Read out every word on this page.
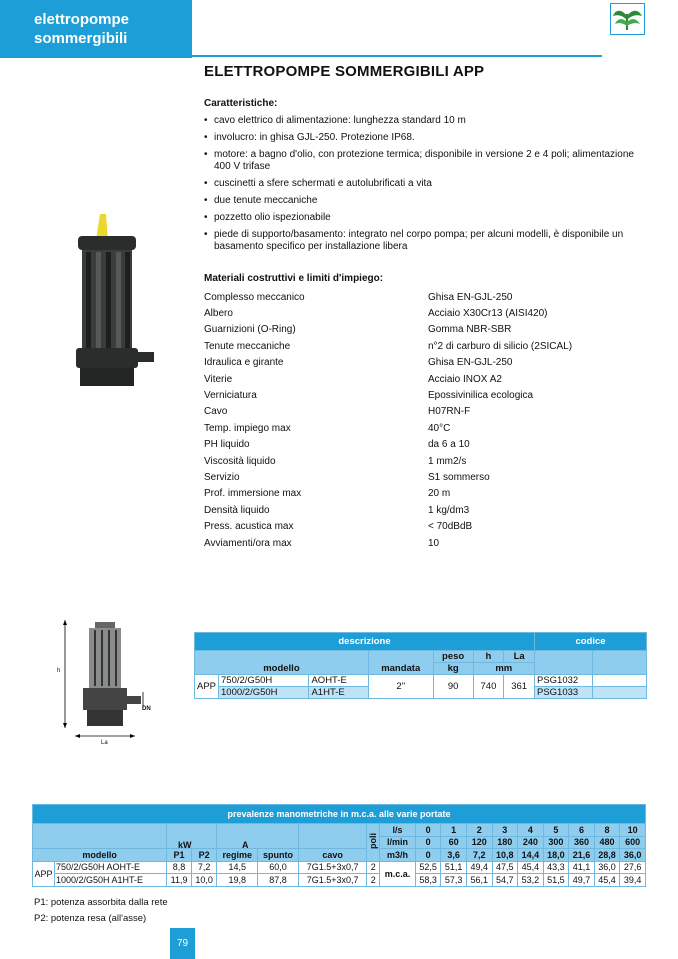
elettropompe
sommergibili
ELETTROPOMPE SOMMERGIBILI APP
Caratteristiche:
• cavo elettrico di alimentazione: lunghezza standard 10 m
• involucro: in ghisa GJL-250. Protezione IP68.
• motore: a bagno d'olio, con protezione termica; disponibile in versione 2 e 4 poli; alimentazione 400 V trifase
• cuscinetti a sfere schermati e autolubrificati a vita
• due tenute meccaniche
• pozzetto olio ispezionabile
• piede di supporto/basamento: integrato nel corpo pompa; per alcuni modelli, è disponibile un basamento specifico per installazione libera
Materiali costruttivi e limiti d'impiego:
Complesso meccanico	Ghisa EN-GJL-250
Albero	Acciaio X30Cr13 (AISI420)
Guarnizioni (O-Ring)	Gomma NBR-SBR
Tenute meccaniche	n°2 di carburo di silicio (2SICAL)
Idraulica e girante	Ghisa EN-GJL-250
Viterie	Acciaio INOX A2
Verniciatura	Epossivinilica ecologica
Cavo	H07RN-F
Temp. impiego max	40°C
PH liquido	da 6 a 10
Viscosità liquido	1 mm2/s
Servizio	S1 sommerso
Prof. immersione max	20 m
Densità liquido	1 kg/dm3
Press. acustica max	< 70dBdB
Avviamenti/ora max	10
h
DN
La
descrizione							codice	
modello			mandata	peso	h	La		
				kg	mm			
APP	750/2/G50H	AOHT-E	2"	90	740	361	PSG1032	
	1000/2/G50H	A1HT-E					PSG1033	
prevalenze manometriche in m.c.a. alle varie portate																	
							poli	l/s	0	1	2	3	4	5	6	8	10
								l/min	0	60	120	180	240	300	360	480	600
modello		P1	P2	regime	spunto	cavo		m3/h	0	3,6	7,2	10,8	14,4	18,0	21,6	28,8	36,0
APP	750/2/G50H AOHT-E	8,8	7,2	14,5	60,0	7G1.5+3x0,7	2	m.c.a.	52,5	51,1	49,4	47,5	45,4	43,3	41,1	36,0	27,6
	1000/2/G50H A1HT-E	11,9	10,0	19,8	87,8	7G1.5+3x0,7	2		58,3	57,3	56,1	54,7	53,2	51,5	49,7	45,4	39,4
kW	A
P1: potenza assorbita dalla rete
P2: potenza resa (all'asse)
79
